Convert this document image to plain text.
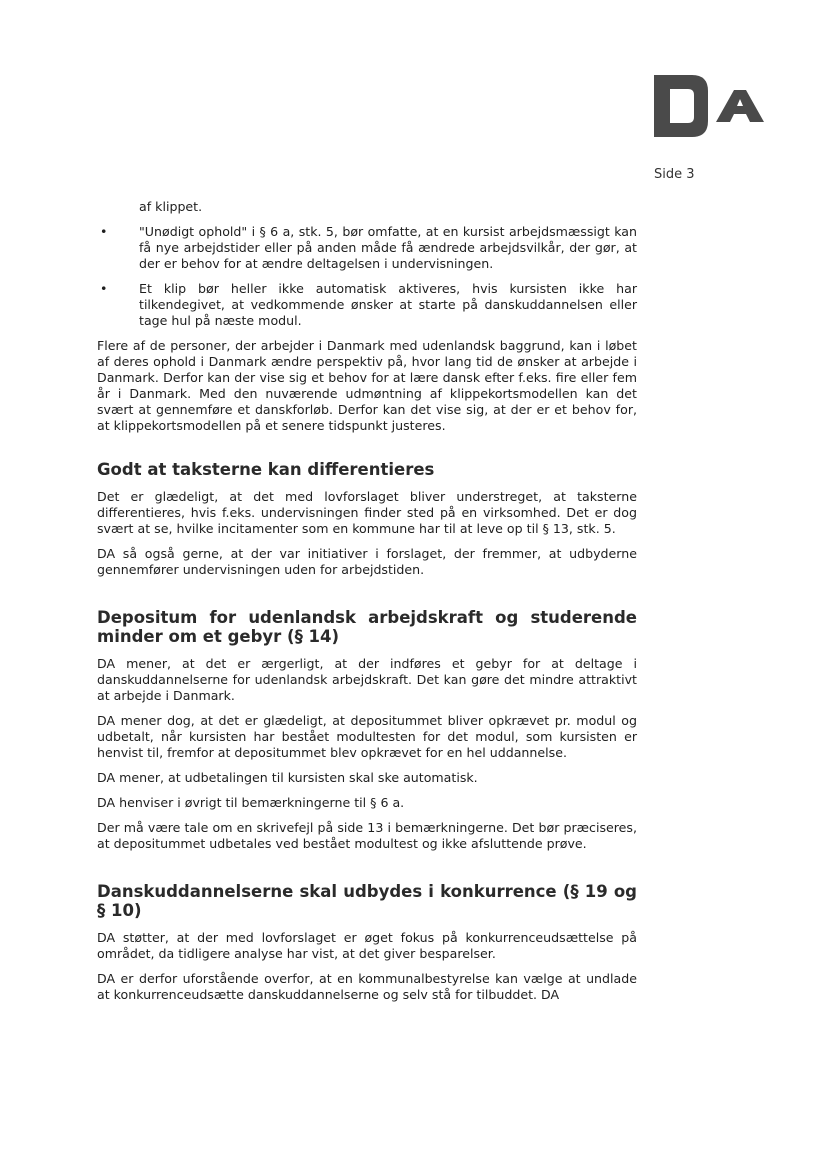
Side 3

af klippet.

•	"Unødigt ophold" i § 6 a, stk. 5, bør omfatte, at en kursist arbejdsmæssigt kan få nye arbejdstider eller på anden måde få ændrede arbejdsvilkår, der gør, at der er behov for at ændre deltagelsen i undervisningen.
•	Et klip bør heller ikke automatisk aktiveres, hvis kursisten ikke har tilkendegivet, at vedkommende ønsker at starte på danskuddannelsen eller tage hul på næste modul.

Flere af de personer, der arbejder i Danmark med udenlandsk baggrund, kan i løbet af deres ophold i Danmark ændre perspektiv på, hvor lang tid de ønsker at arbejde i Danmark. Derfor kan der vise sig et behov for at lære dansk efter f.eks. fire eller fem år i Danmark. Med den nuværende udmøntning af klippekortsmodellen kan det svært at gennemføre et danskforløb. Derfor kan det vise sig, at der er et behov for, at klippekortsmodellen på et senere tidspunkt justeres.

Godt at taksterne kan differentieres

Det er glædeligt, at det med lovforslaget bliver understreget, at taksterne differentieres, hvis f.eks. undervisningen finder sted på en virksomhed. Det er dog svært at se, hvilke incitamenter som en kommune har til at leve op til § 13, stk. 5.

DA så også gerne, at der var initiativer i forslaget, der fremmer, at udbyderne gennemfører undervisningen uden for arbejdstiden.

Depositum for udenlandsk arbejdskraft og studerende minder om et gebyr (§ 14)

DA mener, at det er ærgerligt, at der indføres et gebyr for at deltage i danskuddannelserne for udenlandsk arbejdskraft. Det kan gøre det mindre attraktivt at arbejde i Danmark.

DA mener dog, at det er glædeligt, at depositummet bliver opkrævet pr. modul og udbetalt, når kursisten har bestået modultesten for det modul, som kursisten er henvist til, fremfor at depositummet blev opkrævet for en hel uddannelse.

DA mener, at udbetalingen til kursisten skal ske automatisk.

DA henviser i øvrigt til bemærkningerne til § 6 a.

Der må være tale om en skrivefejl på side 13 i bemærkningerne. Det bør præciseres, at depositummet udbetales ved bestået modultest og ikke afsluttende prøve.

Danskuddannelserne skal udbydes i konkurrence (§ 19 og § 10)

DA støtter, at der med lovforslaget er øget fokus på konkurrenceudsættelse på området, da tidligere analyse har vist, at det giver besparelser.

DA er derfor uforstående overfor, at en kommunalbestyrelse kan vælge at undlade at konkurrenceudsætte danskuddannelserne og selv stå for tilbuddet. DA
